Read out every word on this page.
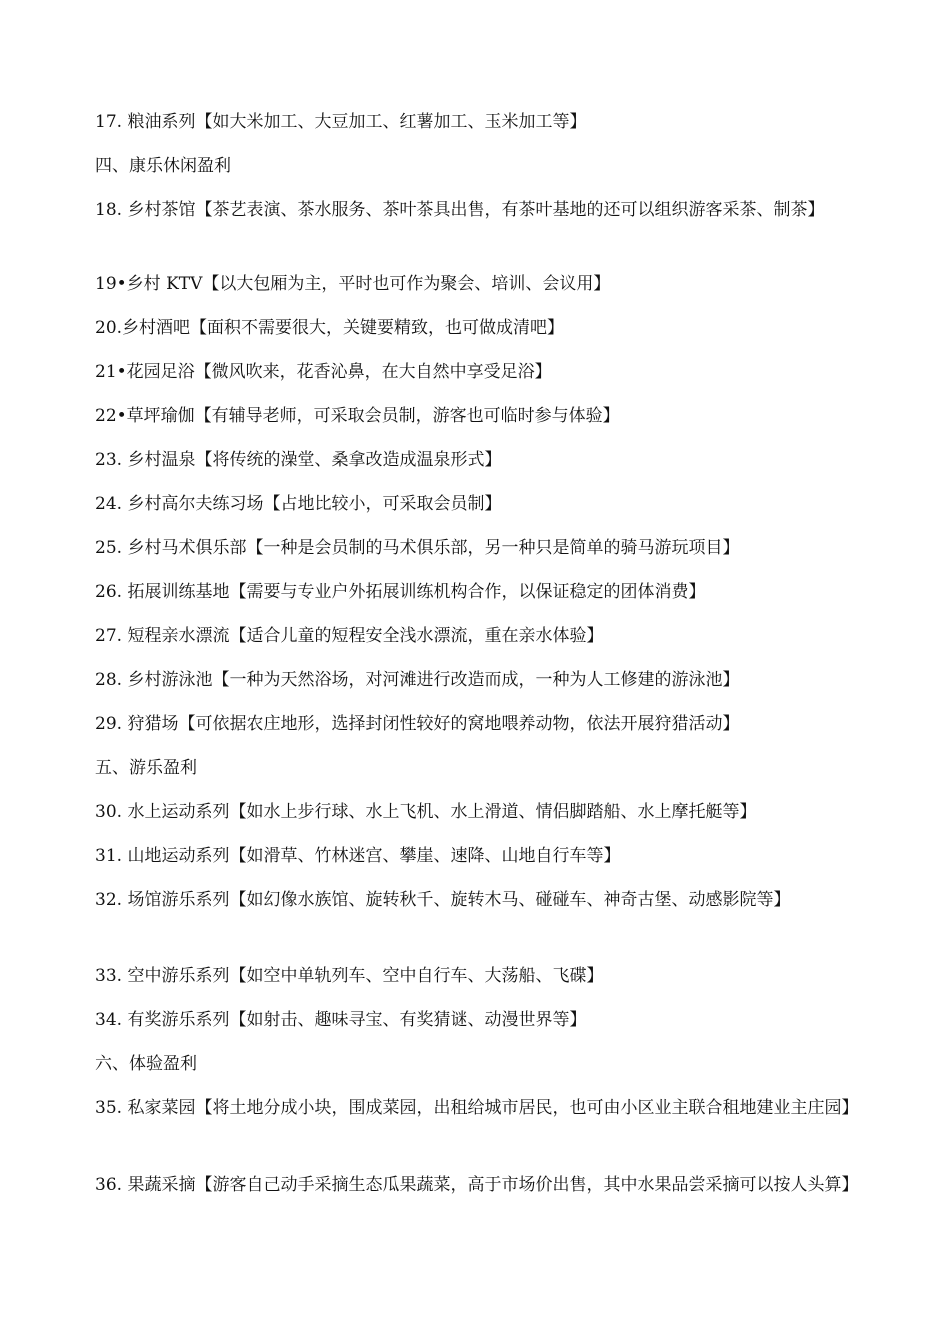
17. 粮油系列【如大米加工、大豆加工、红薯加工、玉米加工等】
四、康乐休闲盈利
18. 乡村茶馆【茶艺表演、茶水服务、茶叶茶具出售，有茶叶基地的还可以组织游客采茶、制茶】
19•乡村 KTV【以大包厢为主，平时也可作为聚会、培训、会议用】
20.乡村酒吧【面积不需要很大，关键要精致，也可做成清吧】
21•花园足浴【微风吹来，花香沁鼻，在大自然中享受足浴】
22•草坪瑜伽【有辅导老师，可采取会员制，游客也可临时参与体验】
23. 乡村温泉【将传统的澡堂、桑拿改造成温泉形式】
24. 乡村高尔夫练习场【占地比较小，可采取会员制】
25. 乡村马术俱乐部【一种是会员制的马术俱乐部，另一种只是简单的骑马游玩项目】
26. 拓展训练基地【需要与专业户外拓展训练机构合作，以保证稳定的团体消费】
27. 短程亲水漂流【适合儿童的短程安全浅水漂流，重在亲水体验】
28. 乡村游泳池【一种为天然浴场，对河滩进行改造而成，一种为人工修建的游泳池】
29. 狩猎场【可依据农庄地形，选择封闭性较好的窝地喂养动物，依法开展狩猎活动】
五、游乐盈利
30. 水上运动系列【如水上步行球、水上飞机、水上滑道、情侣脚踏船、水上摩托艇等】
31. 山地运动系列【如滑草、竹林迷宫、攀崖、速降、山地自行车等】
32. 场馆游乐系列【如幻像水族馆、旋转秋千、旋转木马、碰碰车、神奇古堡、动感影院等】
33. 空中游乐系列【如空中单轨列车、空中自行车、大荡船、飞碟】
34. 有奖游乐系列【如射击、趣味寻宝、有奖猜谜、动漫世界等】
六、体验盈利
35. 私家菜园【将土地分成小块，围成菜园，出租给城市居民，也可由小区业主联合租地建业主庄园】
36. 果蔬采摘【游客自己动手采摘生态瓜果蔬菜，高于市场价出售，其中水果品尝采摘可以按人头算】
